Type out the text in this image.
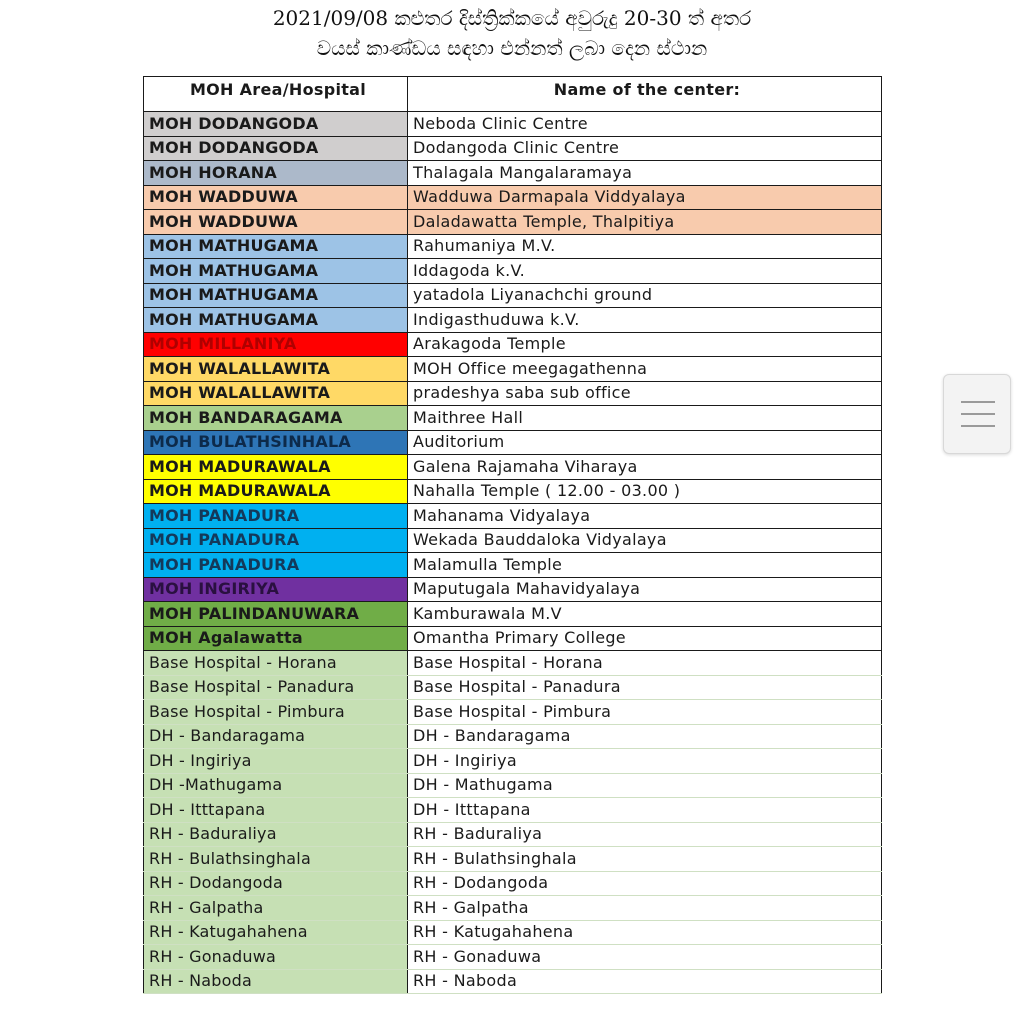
2021/09/08 කළුතර දිස්ත්‍රික්කයේ අවුරුදු 20-30 ත් අතර
වයස් කාණ්ඩය සඳහා එන්නත් ලබා දෙන ස්ථාන
MOH Area/Hospital	Name of the center:
MOH DODANGODA	Neboda Clinic Centre
MOH DODANGODA	Dodangoda Clinic Centre
MOH HORANA	Thalagala Mangalaramaya
MOH WADDUWA	Wadduwa Darmapala Viddyalaya
MOH WADDUWA	Daladawatta Temple, Thalpitiya
MOH MATHUGAMA	Rahumaniya M.V.
MOH MATHUGAMA	Iddagoda k.V.
MOH MATHUGAMA	yatadola Liyanachchi ground
MOH MATHUGAMA	Indigasthuduwa k.V.
MOH MILLANIYA	Arakagoda Temple
MOH WALALLAWITA	MOH Office meegagathenna
MOH WALALLAWITA	pradeshya saba sub office
MOH BANDARAGAMA	Maithree Hall
MOH BULATHSINHALA	Auditorium
MOH MADURAWALA	Galena Rajamaha Viharaya
MOH MADURAWALA	Nahalla Temple ( 12.00 - 03.00 )
MOH PANADURA	Mahanama Vidyalaya
MOH PANADURA	Wekada Bauddaloka Vidyalaya
MOH PANADURA	Malamulla Temple
MOH INGIRIYA	Maputugala Mahavidyalaya
MOH PALINDANUWARA	Kamburawala M.V
MOH Agalawatta	Omantha Primary College
Base Hospital - Horana	Base Hospital - Horana
Base Hospital - Panadura	Base Hospital - Panadura
Base Hospital - Pimbura	Base Hospital - Pimbura
DH - Bandaragama	DH - Bandaragama
DH - Ingiriya	DH - Ingiriya
DH -Mathugama	DH - Mathugama
DH - Itttapana	DH - Itttapana
RH - Baduraliya	RH - Baduraliya
RH - Bulathsinghala	RH - Bulathsinghala
RH - Dodangoda	RH - Dodangoda
RH - Galpatha	RH - Galpatha
RH - Katugahahena	RH - Katugahahena
RH - Gonaduwa	RH - Gonaduwa
RH - Naboda	RH - Naboda
